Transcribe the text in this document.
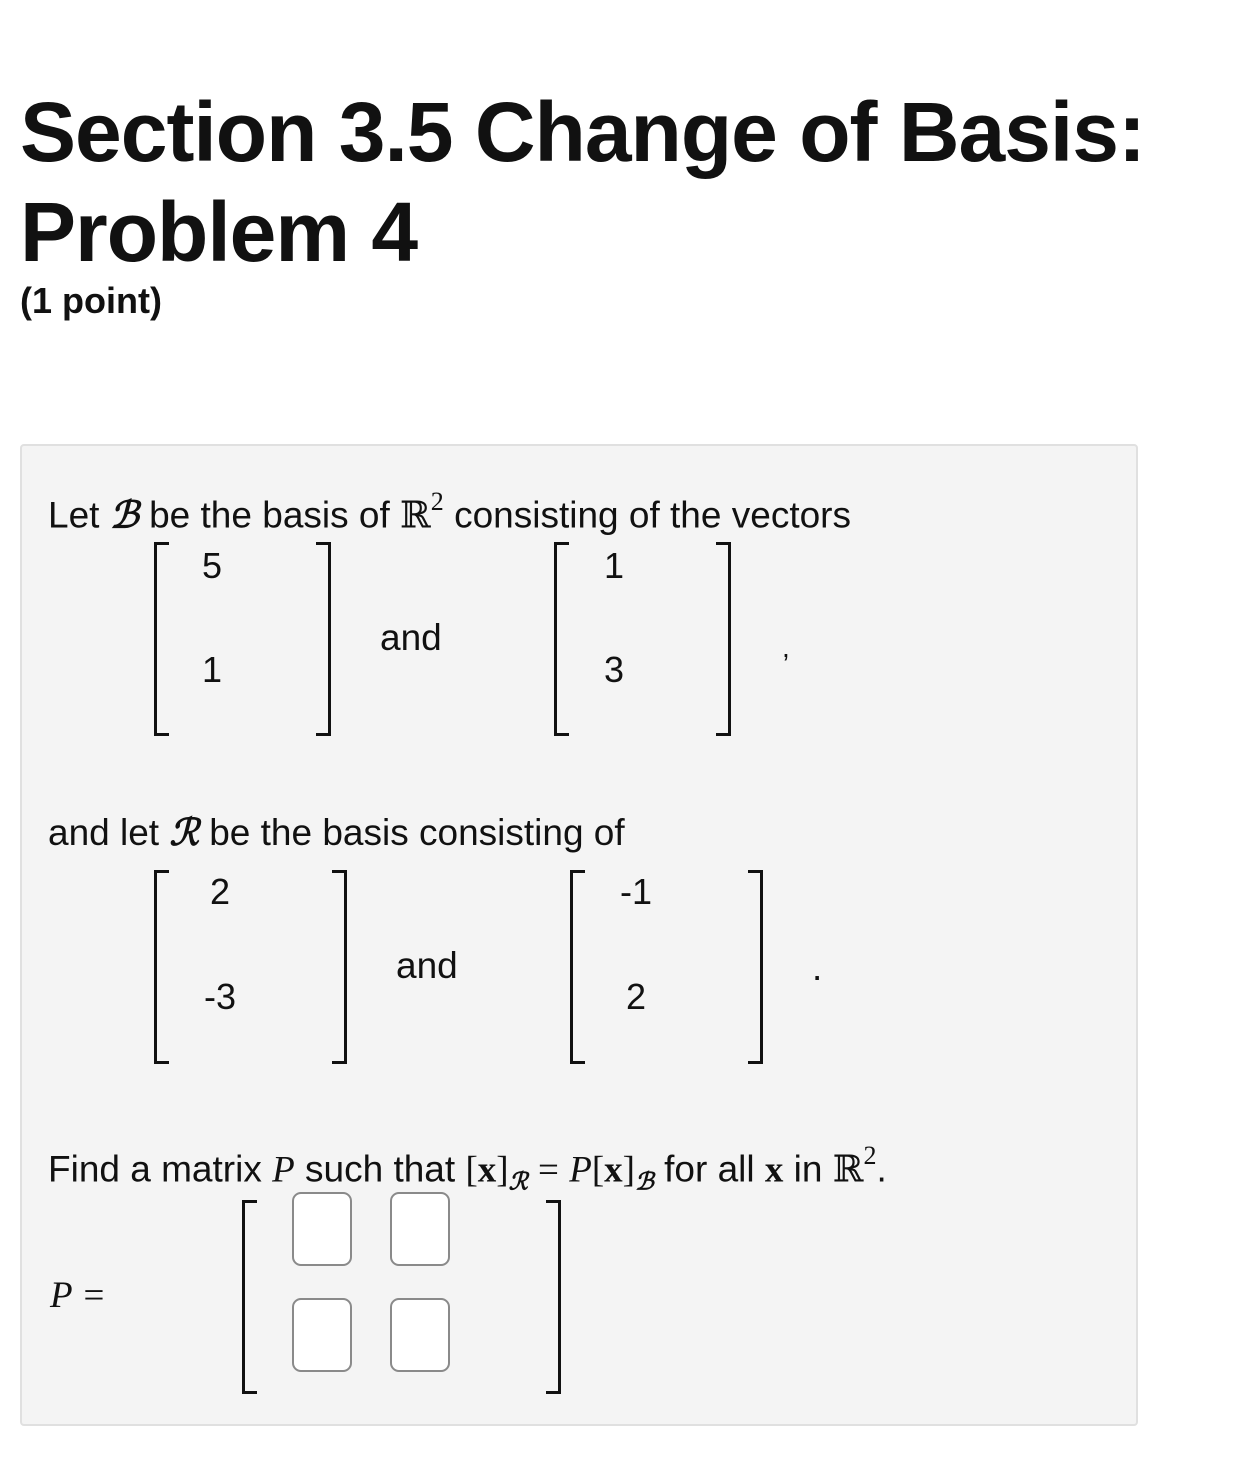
Section 3.5 Change of Basis:
Problem 4
(1 point)
Let ℬ be the basis of ℝ$^2$ consisting of the vectors
5
1
and
1
3
,
and let ℛ be the basis consisting of
2
-3
and
-1
2
.
Find a matrix P such that $[x]_ℛ = P[x]_ℬ$ for all x in ℝ$^2$.
P =
